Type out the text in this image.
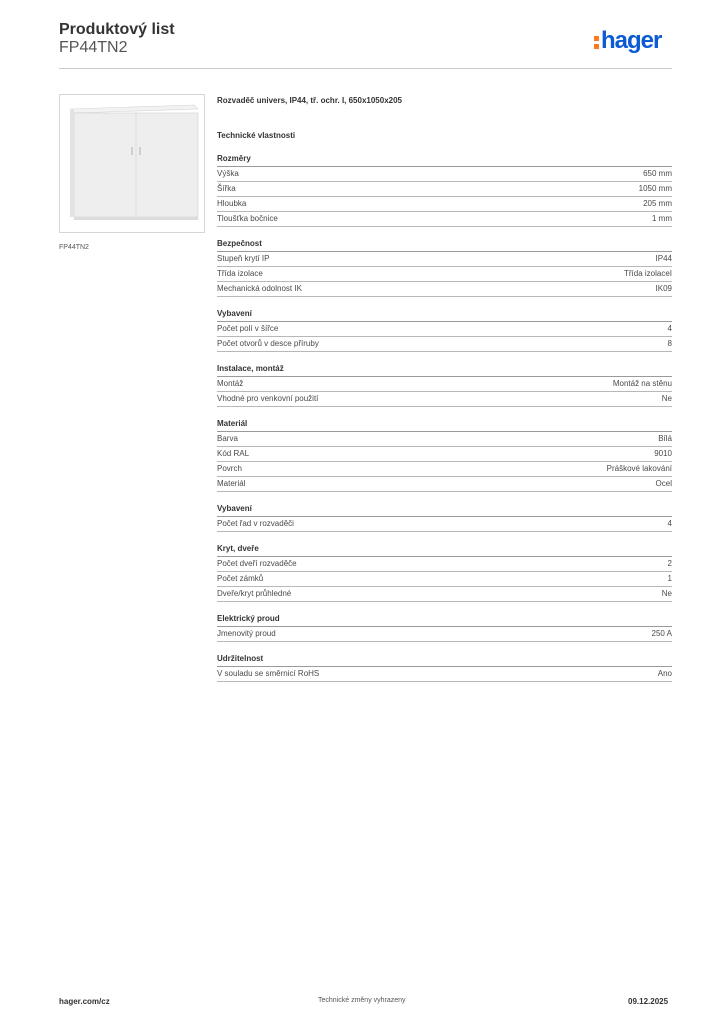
Produktový list
FP44TN2	hager
FP44TN2
Rozvaděč univers, IP44, tř. ochr. I, 650x1050x205
Technické vlastnosti
Rozměry
Výška	650 mm
Šířka	1050 mm
Hloubka	205 mm
Tloušťka bočnice	1 mm
Bezpečnost
Stupeň krytí IP	IP44
Třída izolace	Třída izolaceI
Mechanická odolnost IK	IK09
Vybavení
Počet polí v šířce	4
Počet otvorů v desce příruby	8
Instalace, montáž
Montáž	Montáž na stěnu
Vhodné pro venkovní použití	Ne
Materiál
Barva	Bílá
Kód RAL	9010
Povrch	Práškové lakování
Materiál	Ocel
Vybavení
Počet řad v rozvaděči	4
Kryt, dveře
Počet dveří rozvaděče	2
Počet zámků	1
Dveře/kryt průhledné	Ne
Elektrický proud
Jmenovitý proud	250 A
Udržitelnost
V souladu se směrnicí RoHS	Ano
hager.com/cz	Technické změny vyhrazeny	09.12.2025
